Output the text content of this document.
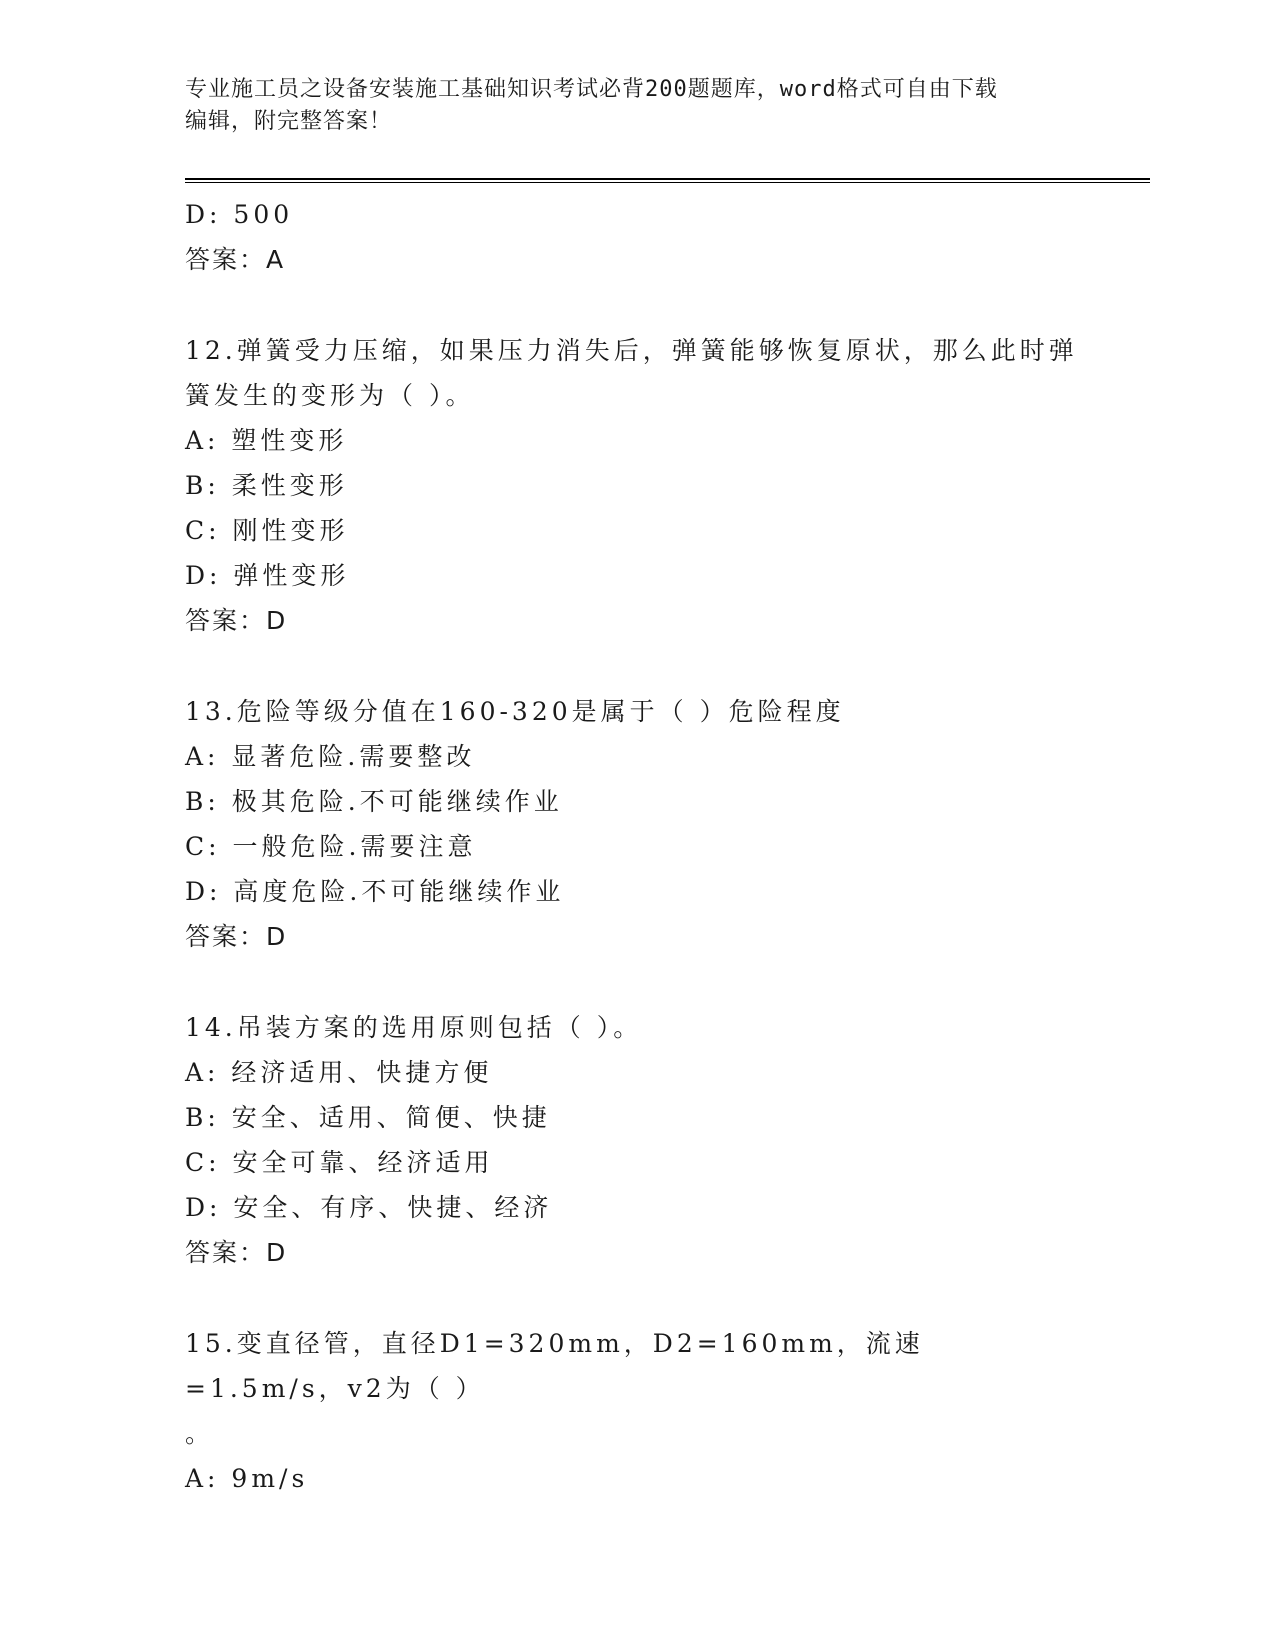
专业施工员之设备安装施工基础知识考试必背200题题库，word格式可自由下载
编辑，附完整答案！
D: 500
答案：A
12.弹簧受力压缩，如果压力消失后，弹簧能够恢复原状，那么此时弹
簧发生的变形为（ ）。
A: 塑性变形
B: 柔性变形
C: 刚性变形
D: 弹性变形
答案：D
13.危险等级分值在160-320是属于（ ）危险程度
A: 显著危险.需要整改
B: 极其危险.不可能继续作业
C: 一般危险.需要注意
D: 高度危险.不可能继续作业
答案：D
14.吊装方案的选用原则包括（ ）。
A: 经济适用、快捷方便
B: 安全、适用、简便、快捷
C: 安全可靠、经济适用
D: 安全、有序、快捷、经济
答案：D
15.变直径管，直径D1=320mm，D2=160mm，流速=1.5m/s，v2为（ ）
。
A: 9m/s
